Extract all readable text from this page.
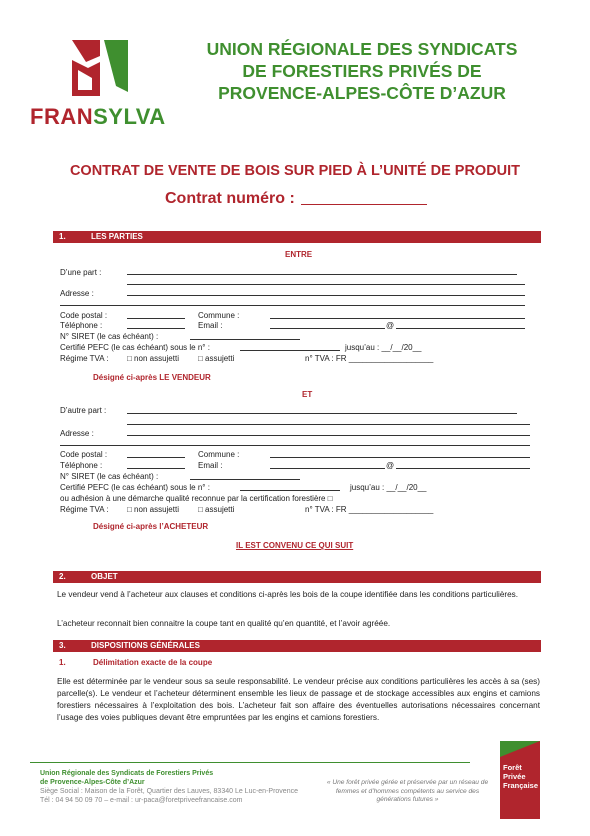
FRANSYLVA
UNION RÉGIONALE DES SYNDICATS
DE FORESTIERS PRIVÉS DE
PROVENCE-ALPES-CÔTE D’AZUR
CONTRAT DE VENTE DE BOIS SUR PIED À L’UNITÉ DE PRODUIT
Contrat numéro :
1.	LES PARTIES
ENTRE
D’une part :
Adresse :
Code postal :	Commune :
Téléphone :	Email :	@
N° SIRET (le cas échéant) :
Certifié PEFC (le cas échéant) sous le n° :	jusqu’au : __/__/20__
Régime TVA : □ non assujetti □ assujetti	n° TVA : FR ___________________
Désigné ci-après LE VENDEUR
ET
D’autre part :
Adresse :
Code postal :	Commune :
Téléphone :	Email :	@
N° SIRET (le cas échéant) :
Certifié PEFC (le cas échéant) sous le n° :	jusqu’au : __/__/20__
ou adhésion à une démarche qualité reconnue par la certification forestière □
Régime TVA : □ non assujetti □ assujetti	n° TVA : FR ___________________
Désigné ci-après l’ACHETEUR
IL EST CONVENU CE QUI SUIT
2.	OBJET
Le vendeur vend à l’acheteur aux clauses et conditions ci-après les bois de la coupe identifiée dans les conditions particulières.
L’acheteur reconnait bien connaitre la coupe tant en qualité qu’en quantité, et l’avoir agréée.
3.	DISPOSITIONS GÉNÉRALES
1.	Délimitation exacte de la coupe
Elle est déterminée par le vendeur sous sa seule responsabilité. Le vendeur précise aux conditions particulières les accès à sa (ses) parcelle(s). Le vendeur et l’acheteur déterminent ensemble les lieux de passage et de stockage accessibles aux engins et camions forestiers nécessaires à l’exploitation des bois. L’acheteur fait son affaire des éventuelles autorisations nécessaires concernant l’usage des voies publiques devant être empruntées par les engins et camions forestiers.
Union Régionale des Syndicats de Forestiers Privés
de Provence-Alpes-Côte d’Azur
Siège Social : Maison de la Forêt, Quartier des Lauves, 83340 Le Luc-en-Provence
Tél : 04 94 50 09 70 – e-mail : ur-paca@foretpriveefrancaise.com
« Une forêt privée gérée et préservée par un réseau de femmes et d’hommes compétents au service des générations futures »
Forêt
Privée
Française
